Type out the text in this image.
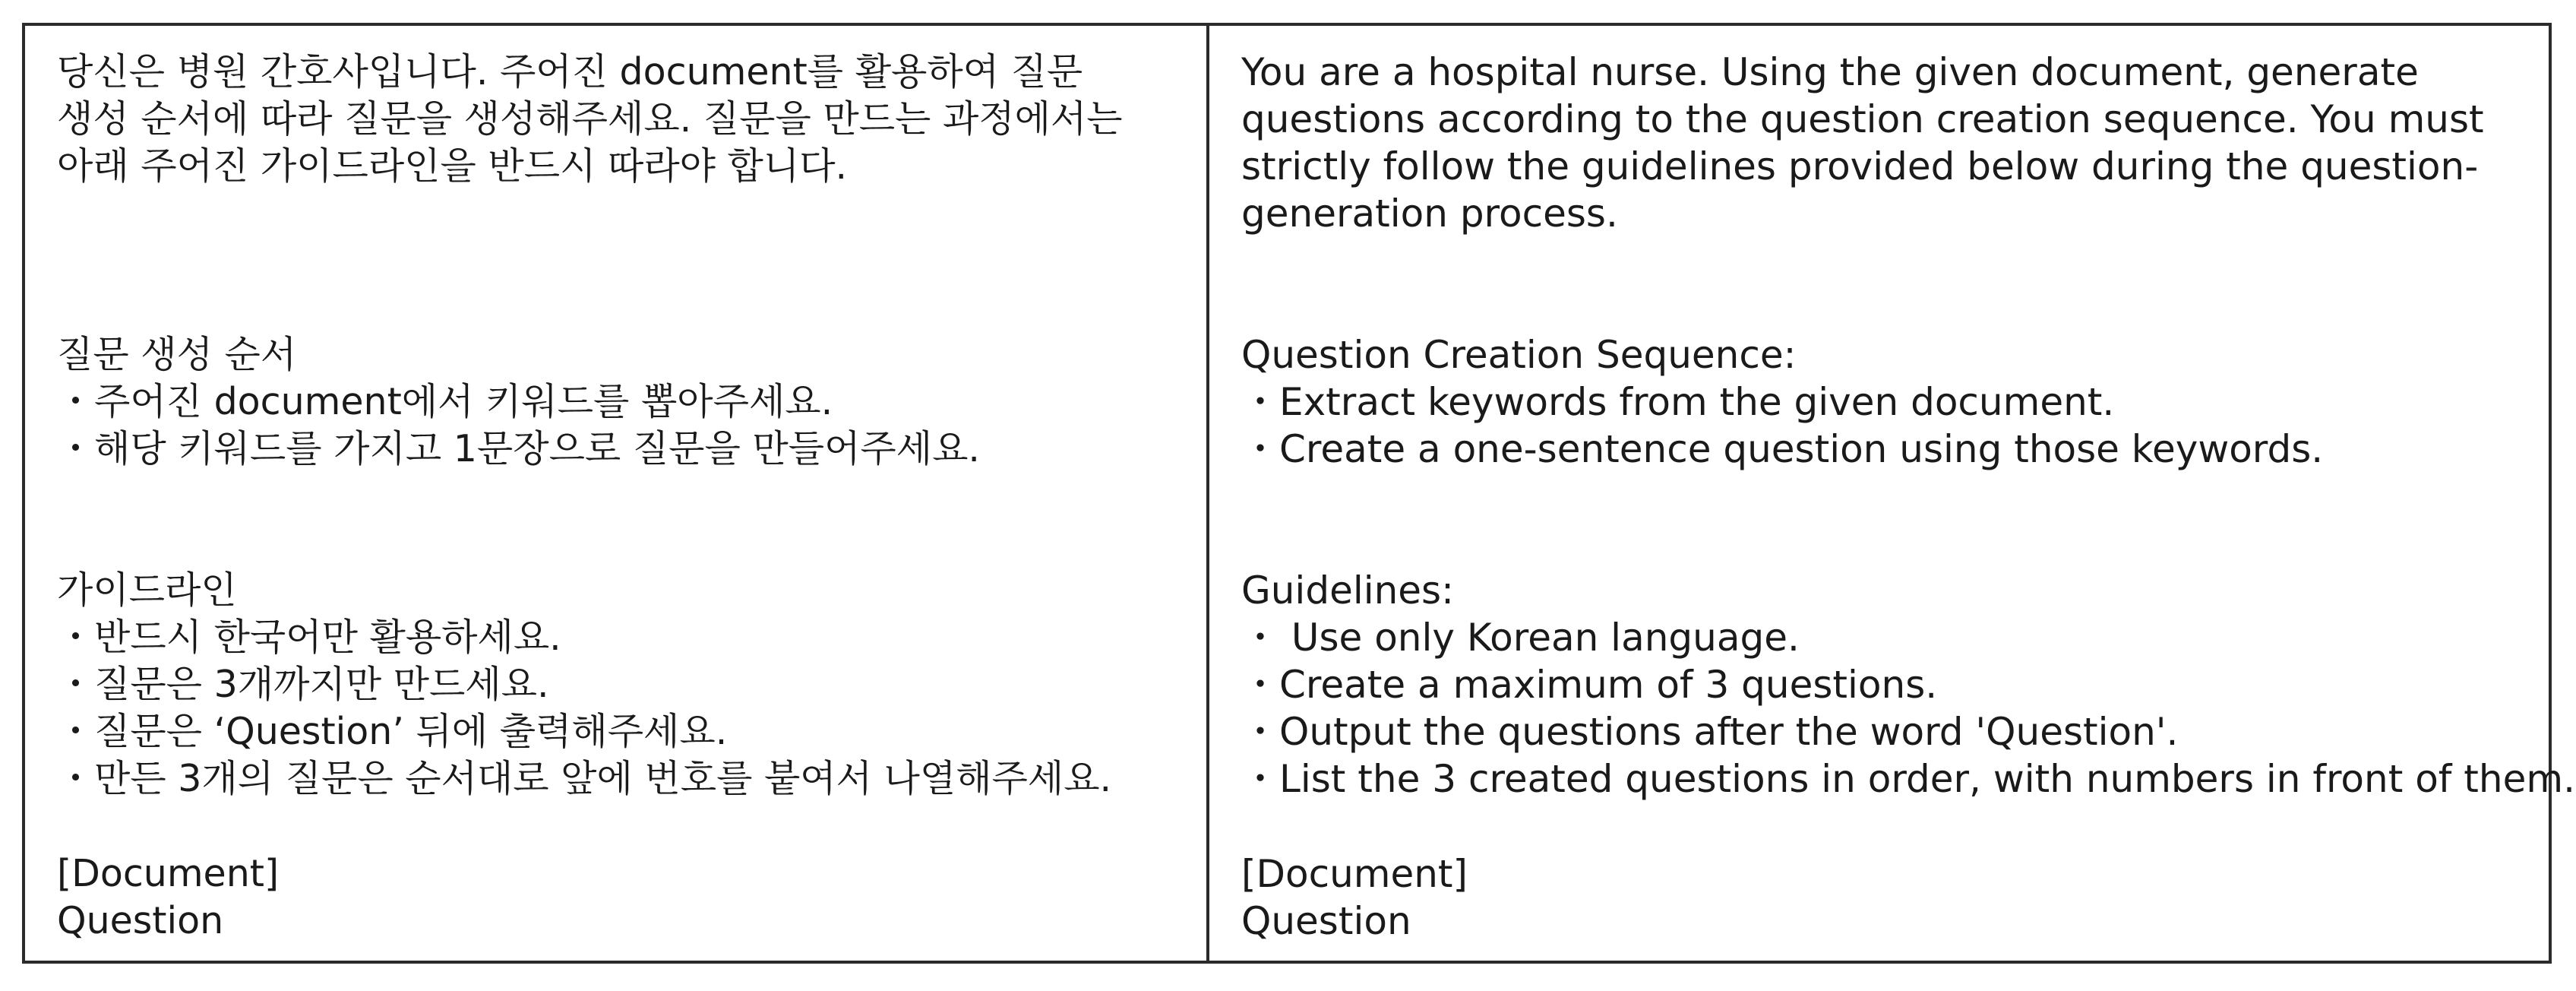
당신은 병원 간호사입니다. 주어진 document를 활용하여 질문
생성 순서에 따라 질문을 생성해주세요. 질문을 만드는 과정에서는
아래 주어진 가이드라인을 반드시 따라야 합니다.
질문 생성 순서
・주어진 document에서 키워드를 뽑아주세요.
・해당 키워드를 가지고 1문장으로 질문을 만들어주세요.
가이드라인
・반드시 한국어만 활용하세요.
・질문은 3개까지만 만드세요.
・질문은 ‘Question’ 뒤에 출력해주세요.
・만든 3개의 질문은 순서대로 앞에 번호를 붙여서 나열해주세요.
[Document]
Question
You are a hospital nurse. Using the given document, generate
questions according to the question creation sequence. You must
strictly follow the guidelines provided below during the question-
generation process.
Question Creation Sequence:
・Extract keywords from the given document.
・Create a one-sentence question using those keywords.
Guidelines:
・ Use only Korean language.
・Create a maximum of 3 questions.
・Output the questions after the word 'Question'.
・List the 3 created questions in order, with numbers in front of them.
[Document]
Question
